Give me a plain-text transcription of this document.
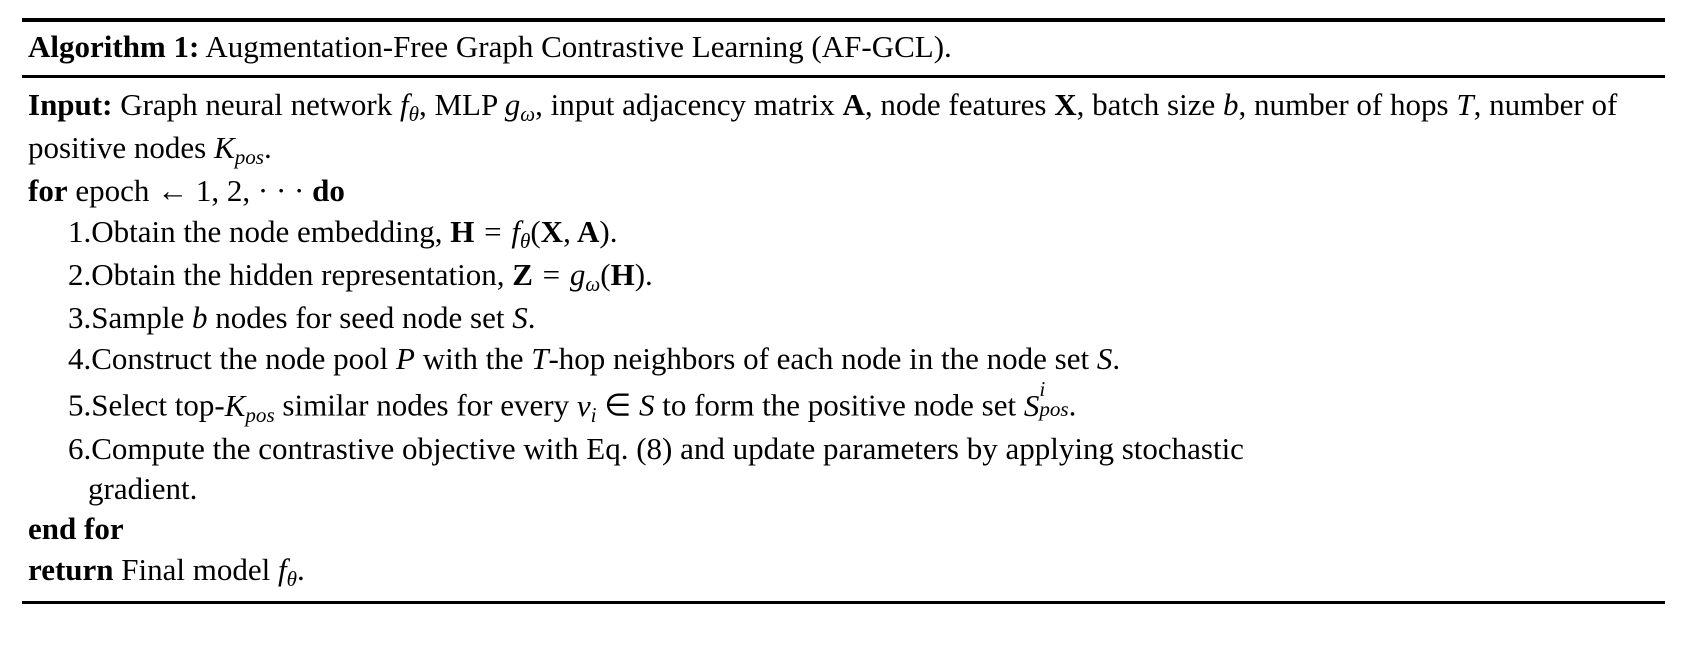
Algorithm 1: Augmentation-Free Graph Contrastive Learning (AF-GCL).
Input: Graph neural network $f_\theta$, MLP $g_\omega$, input adjacency matrix A, node features X, batch size b, number of hops T, number of positive nodes $K_{pos}$.
for epoch ← 1, 2, · · · do
1.Obtain the node embedding, $H = f_\theta(X$, A).
2.Obtain the hidden representation, $Z = g_\omega(H)$.
3.Sample b nodes for seed node set S.
4.Construct the node pool P with the T-hop neighbors of each node in the node set S.
5.Select top-$K_{pos}$ similar nodes for every $v_i$ ∈ S to form the positive node set S i
pos .
6.Compute the contrastive objective with Eq. (8) and update parameters by applying stochastic
gradient.
end for
return Final model $f_\theta$.
